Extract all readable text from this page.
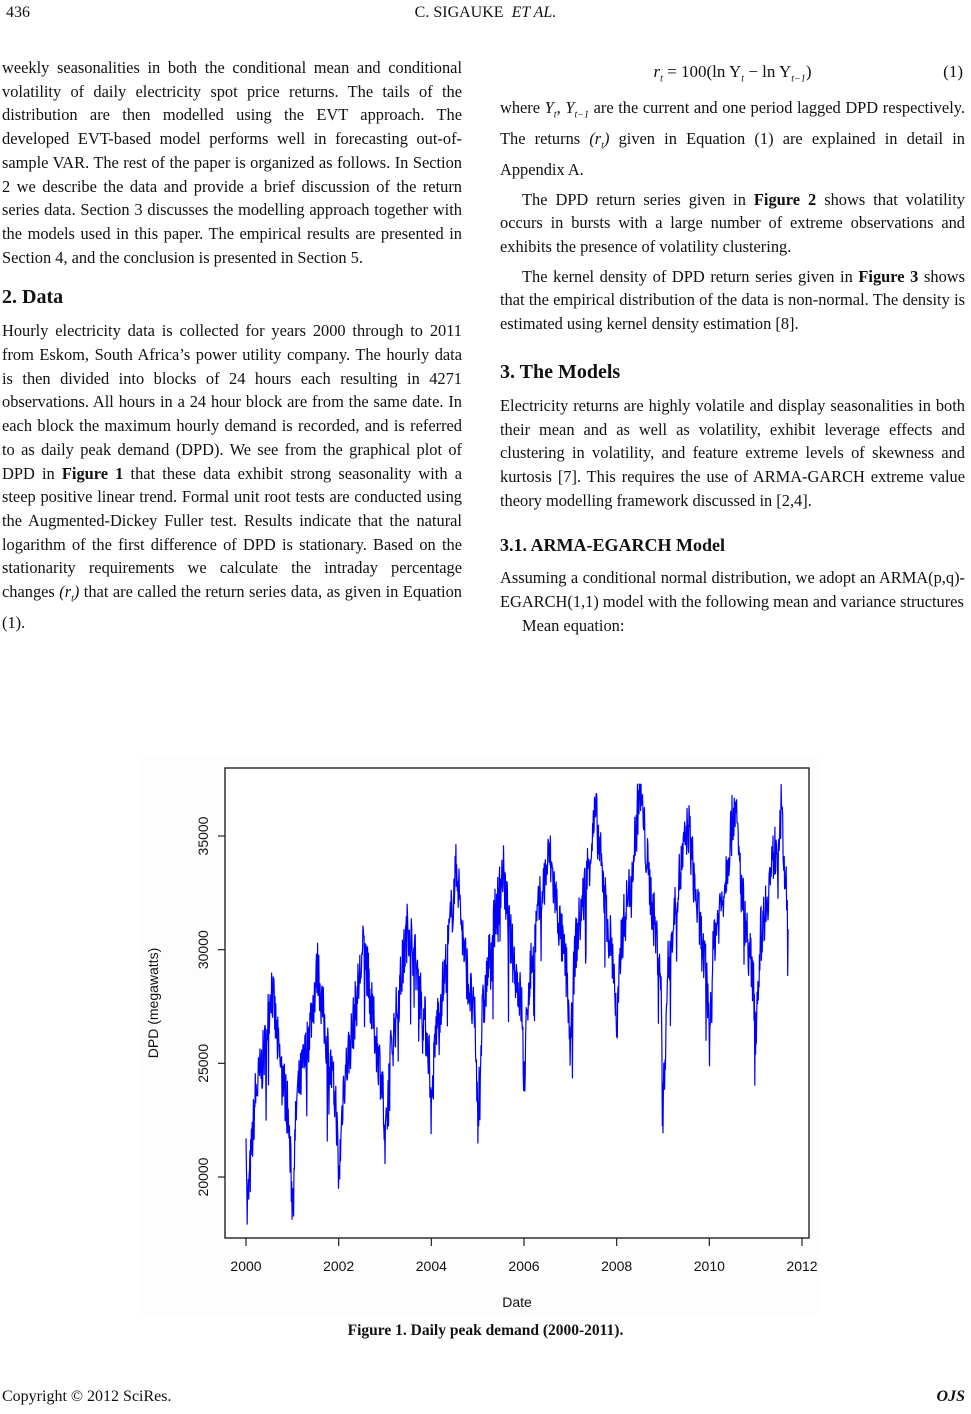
436	C. SIGAUKE ET AL.

weekly seasonalities in both the conditional mean and conditional volatility of daily electricity spot price returns. The tails of the distribution are then modelled using the EVT approach. The developed EVT-based model performs well in forecasting out-of-sample VAR. The rest of the paper is organized as follows. In Section 2 we describe the data and provide a brief discussion of the return series data. Section 3 discusses the modelling approach together with the models used in this paper. The empirical results are presented in Section 4, and the conclusion is presented in Section 5.

2. Data

Hourly electricity data is collected for years 2000 through to 2011 from Eskom, South Africa’s power utility company. The hourly data is then divided into blocks of 24 hours each resulting in 4271 observations. All hours in a 24 hour block are from the same date. In each block the maximum hourly demand is recorded, and is referred to as daily peak demand (DPD). We see from the graphical plot of DPD in Figure 1 that these data exhibit strong seasonality with a steep positive linear trend. Formal unit root tests are conducted using the Augmented-Dickey Fuller test. Results indicate that the natural logarithm of the first difference of DPD is stationary. Based on the stationarity requirements we calculate the intraday percentage changes $(r_t)$ that are called the return series data, as given in Equation (1).

$r_t = 100(\ln$ $Y_t - \ln Y_{t-1}$)	(1)

where $Y_t$, $Y_{t-1}$ are the current and one period lagged DPD respectively. The returns $(r_t)$ given in Equation (1) are explained in detail in Appendix A.

The DPD return series given in Figure 2 shows that volatility occurs in bursts with a large number of extreme observations and exhibits the presence of volatility clustering.

The kernel density of DPD return series given in Figure 3 shows that the empirical distribution of the data is non-normal. The density is estimated using kernel density estimation [8].

3. The Models

Electricity returns are highly volatile and display seasonalities in both their mean and as well as volatility, exhibit leverage effects and clustering in volatility, and feature extreme levels of skewness and kurtosis [7]. This requires the use of ARMA-GARCH extreme value theory modelling framework discussed in [2,4].

3.1. ARMA-EGARCH Model

Assuming a conditional normal distribution, we adopt an ARMA(p,q)-EGARCH(1,1) model with the following mean and variance structures

Mean equation:

20000
25000
30000
35000
2000	2002	2004	2006	2008	2010	2012
DPD (megawatts)
Date
Figure 1. Daily peak demand (2000-2011).
Copyright © 2012 SciRes.	OJS
